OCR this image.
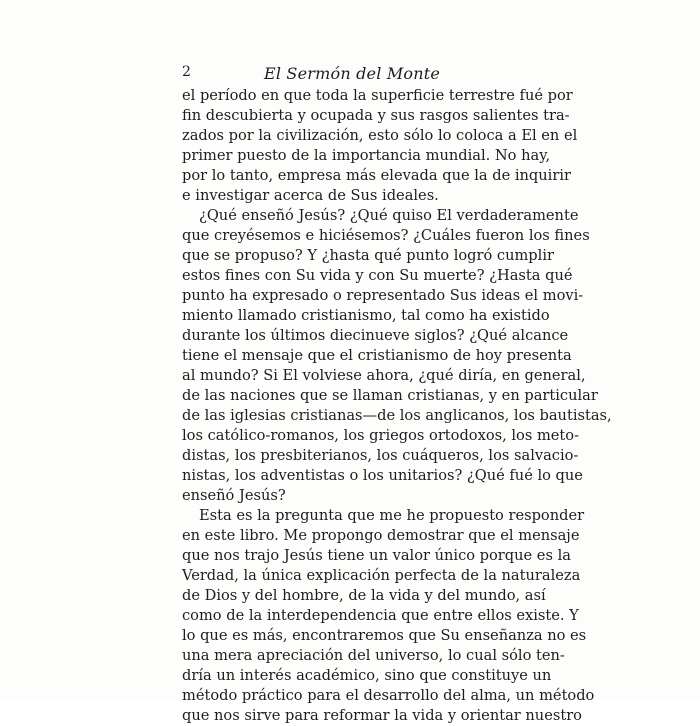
2	El Sermón del Monte
el período en que toda la superficie terrestre fué por
fin descubierta y ocupada y sus rasgos salientes tra-
zados por la civilización, esto sólo lo coloca a El en el
primer puesto de la importancia mundial. No hay,
por lo tanto, empresa más elevada que la de inquirir
e investigar acerca de Sus ideales.
¿Qué enseñó Jesús? ¿Qué quiso El verdaderamente
que creyésemos e hiciésemos? ¿Cuáles fueron los fines
que se propuso? Y ¿hasta qué punto logró cumplir
estos fines con Su vida y con Su muerte? ¿Hasta qué
punto ha expresado o representado Sus ideas el movi-
miento llamado cristianismo, tal como ha existido
durante los últimos diecinueve siglos? ¿Qué alcance
tiene el mensaje que el cristianismo de hoy presenta
al mundo? Si El volviese ahora, ¿qué diría, en general,
de las naciones que se llaman cristianas, y en particular
de las iglesias cristianas—de los anglicanos, los bautistas,
los católico-romanos, los griegos ortodoxos, los meto-
distas, los presbiterianos, los cuáqueros, los salvacio-
nistas, los adventistas o los unitarios? ¿Qué fué lo que
enseñó Jesús?
Esta es la pregunta que me he propuesto responder
en este libro. Me propongo demostrar que el mensaje
que nos trajo Jesús tiene un valor único porque es la
Verdad, la única explicación perfecta de la naturaleza
de Dios y del hombre, de la vida y del mundo, así
como de la interdependencia que entre ellos existe. Y
lo que es más, encontraremos que Su enseñanza no es
una mera apreciación del universo, lo cual sólo ten-
dría un interés académico, sino que constituye un
método práctico para el desarrollo del alma, un método
que nos sirve para reformar la vida y orientar nuestro
